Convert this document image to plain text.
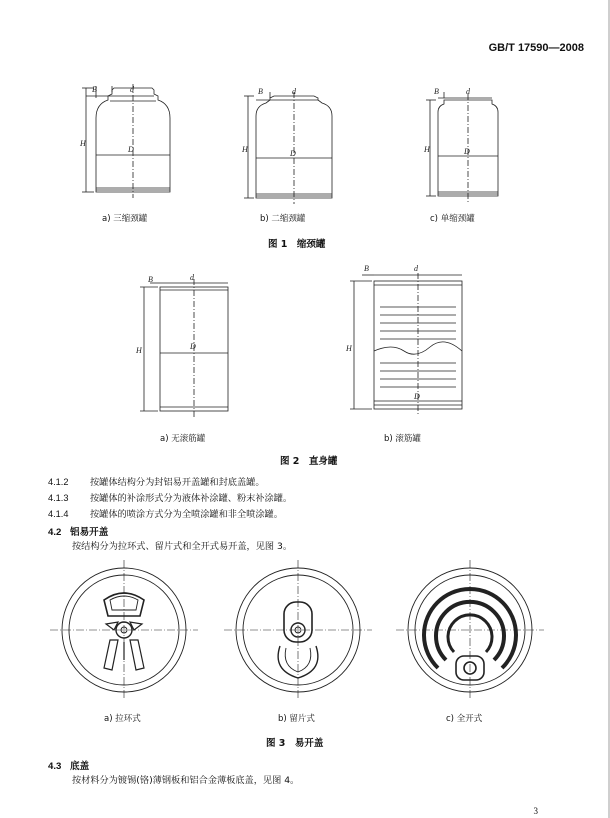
GB/T 17590—2008
B	d
H
D
B	d
H	D
B	d
H	D
a) 三缩颈罐	b) 二缩颈罐	c) 单缩颈罐
图 1　缩颈罐
B	d
H	D
B	d
H
D
a) 无滚筋罐	b) 滚筋罐
图 2　直身罐
4.1.2 按罐体结构分为封铝易开盖罐和封底盖罐。
4.1.3 按罐体的补涂形式分为液体补涂罐、粉末补涂罐。
4.1.4 按罐体的喷涂方式分为全喷涂罐和非全喷涂罐。
4.2 铝易开盖
按结构分为拉环式、留片式和全开式易开盖，见图 3。
a) 拉环式	b) 留片式	c) 全开式
图 3　易开盖
4.3 底盖
按材料分为镀锡(铬)薄钢板和铝合金薄板底盖，见图 4。
3
